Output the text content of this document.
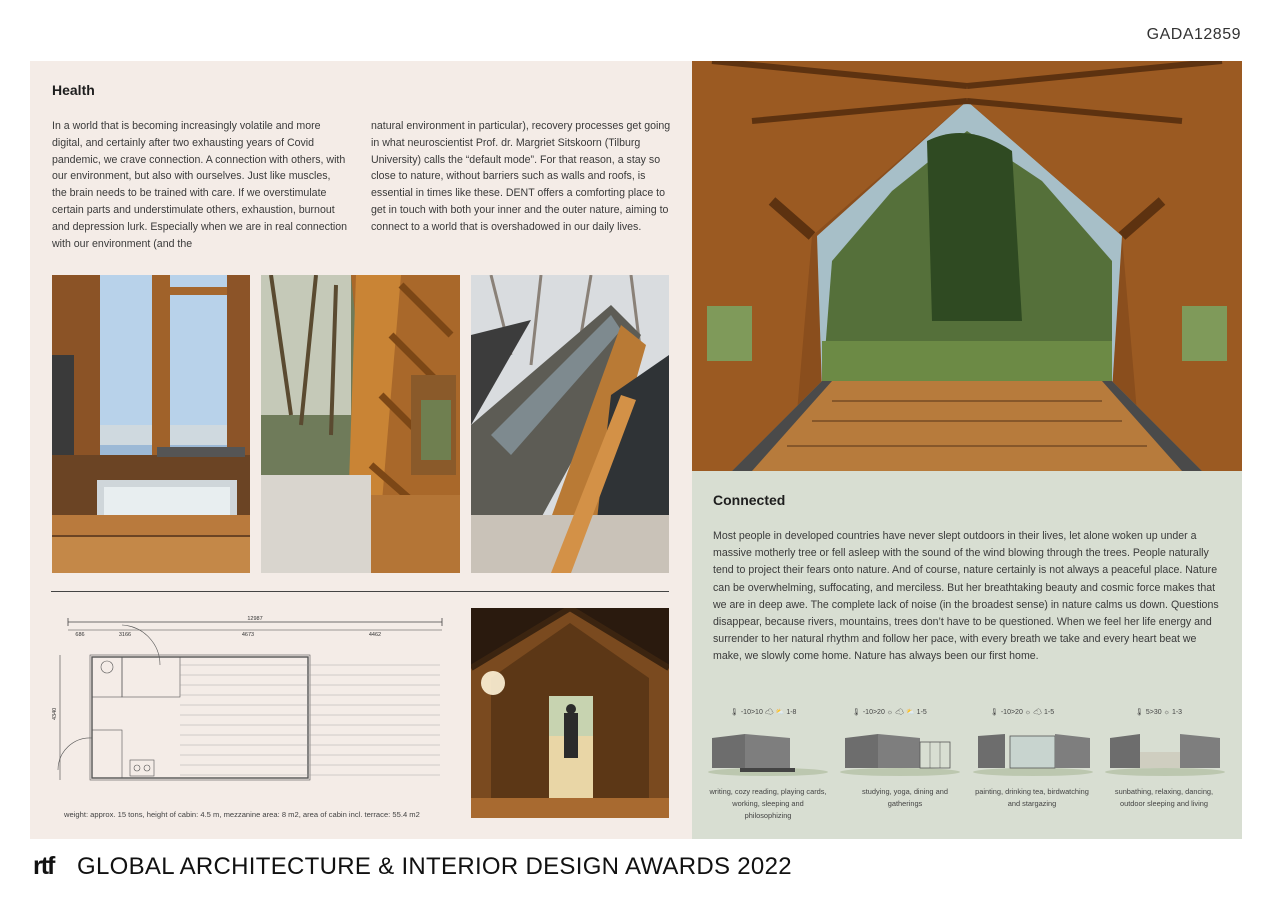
GADA12859
Health

In a world that is becoming increasingly volatile and more digital, and certainly after two exhausting years of Covid pandemic, we crave connection. A connection with others, with our environment, but also with ourselves. Just like muscles, the brain needs to be trained with care. If we overstimulate certain parts and understimulate others, exhaustion, burnout and depression lurk. Especially when we are in real connection with our environment (and the

natural environment in particular), recovery processes get going in what neuroscientist Prof. dr. Margriet Sitskoorn (Tilburg University) calls the “default mode”. For that reason, a stay so close to nature, without barriers such as walls and roofs, is essential in times like these. DENT offers a comforting place to get in touch with both your inner and the outer nature, aiming to connect to a world that is overshadowed in our daily lives.

12987
686	3166	4673	4462
4340
weight: approx. 15 tons, height of cabin: 4.5 m, mezzanine area: 8 m2, area of cabin incl. terrace: 55.4 m2
Connected

Most people in developed countries have never slept outdoors in their lives, let alone woken up under a massive motherly tree or fell asleep with the sound of the wind blowing through the trees. People naturally tend to project their fears onto nature. And of course, nature certainly is not always a peaceful place. Nature can be overwhelming, suffocating, and merciless. But her breathtaking beauty and cosmic force makes that we are in deep awe. The complete lack of noise (in the broadest sense) in nature calms us down. Questions disappear, because rivers, mountains, trees don’t have to be questioned. When we feel her life energy and surrender to her natural rhythm and follow her pace, with every breath we take and every heart beat we make, we slowly come home. Nature has always been our first home.

🌡 -10>10 ☁ ⛅ 1-8	🌡 -10>20 ☼ ☁ ⛅ 1-5	🌡 -10>20 ☼ ☁ 1-5	🌡 5>30 ☼ 1-3
writing, cozy reading, playing cards, working, sleeping and philosophizing
studying, yoga, dining and gatherings
painting, drinking tea, birdwatching and stargazing
sunbathing, relaxing, dancing, outdoor sleeping and living
rtf GLOBAL ARCHITECTURE & INTERIOR DESIGN AWARDS 2022
